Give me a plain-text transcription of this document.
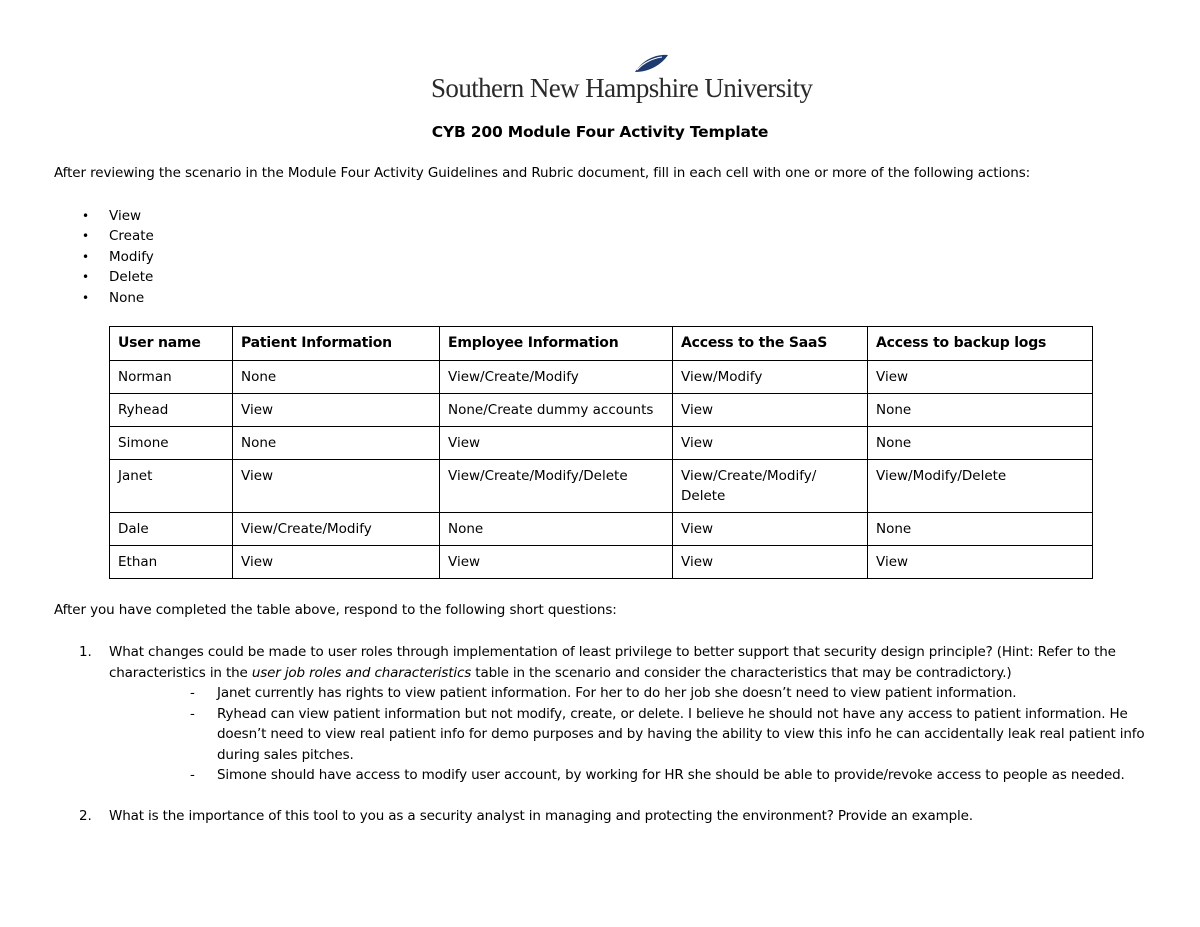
Southern New Hampshire University
CYB 200 Module Four Activity Template
After reviewing the scenario in the Module Four Activity Guidelines and Rubric document, fill in each cell with one or more of the following actions:
• View
• Create
• Modify
• Delete
• None
User name	Patient Information	Employee Information	Access to the SaaS	Access to backup logs
Norman	None	View/Create/Modify	View/Modify	View
Ryhead	View	None/Create dummy accounts	View	None
Simone	None	View	View	None
Janet	View	View/Create/Modify/Delete	View/Create/Modify/ Delete	View/Modify/Delete
Dale	View/Create/Modify	None	View	None
Ethan	View	View	View	View
After you have completed the table above, respond to the following short questions:
1.	What changes could be made to user roles through implementation of least privilege to better support that security design principle? (Hint: Refer to the characteristics in the user job roles and characteristics table in the scenario and consider the characteristics that may be contradictory.)
- Janet currently has rights to view patient information. For her to do her job she doesn’t need to view patient information.
- Ryhead can view patient information but not modify, create, or delete. I believe he should not have any access to patient information. He doesn’t need to view real patient info for demo purposes and by having the ability to view this info he can accidentally leak real patient info during sales pitches.
- Simone should have access to modify user account, by working for HR she should be able to provide/revoke access to people as needed.
2.	What is the importance of this tool to you as a security analyst in managing and protecting the environment? Provide an example.
